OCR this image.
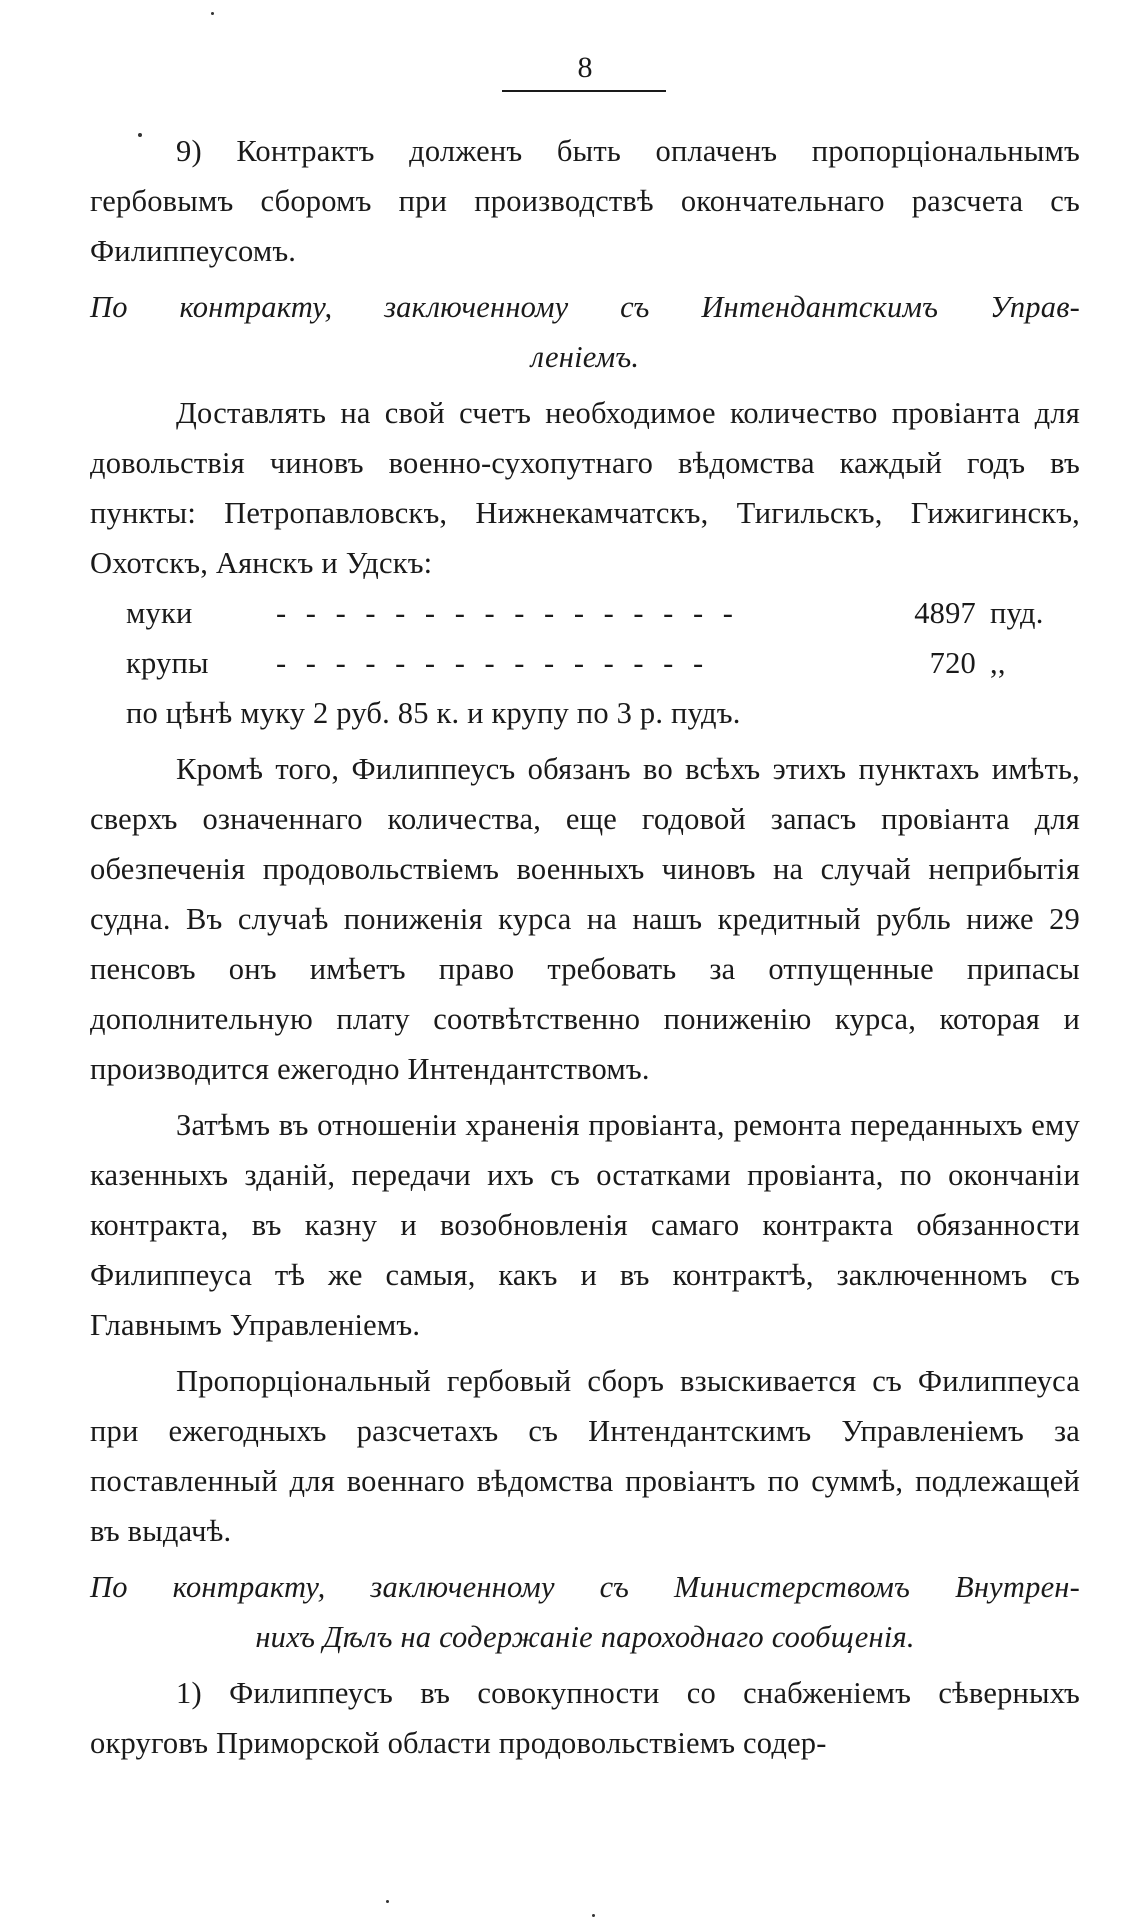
8

9) Контрактъ долженъ быть оплаченъ пропорціональнымъ гербовымъ сборомъ при производствѣ окончательнаго разсчета съ Филиппеусомъ.

По контракту, заключенному съ Интендантскимъ Управ-
леніемъ.

Доставлять на свой счетъ необходимое количество провіанта для довольствія чиновъ военно-сухопутнаго вѣдомства каждый годъ въ пункты: Петропавловскъ, Нижнекамчатскъ, Тигильскъ, Гижигинскъ, Охотскъ, Аянскъ и Удскъ:

муки	- - - - - - - - - - - - - - - -	4897 пуд.
крупы	- - - - - - - - - - - - - - -	720 ,,
по цѣнѣ муку 2 руб. 85 к. и крупу по 3 р. пудъ.

Кромѣ того, Филиппеусъ обязанъ во всѣхъ этихъ пунктахъ имѣть, сверхъ означеннаго количества, еще годовой запасъ провіанта для обезпеченія продовольствіемъ военныхъ чиновъ на случай неприбытія судна. Въ случаѣ пониженія курса на нашъ кредитный рубль ниже 29 пенсовъ онъ имѣетъ право требовать за отпущенные припасы дополнительную плату соотвѣтственно пониженію курса, которая и производится ежегодно Интендантствомъ.

Затѣмъ въ отношеніи храненія провіанта, ремонта переданныхъ ему казенныхъ зданій, передачи ихъ съ остатками провіанта, по окончаніи контракта, въ казну и возобновленія самаго контракта обязанности Филиппеуса тѣ же самыя, какъ и въ контрактѣ, заключенномъ съ Главнымъ Управленіемъ.

Пропорціональный гербовый сборъ взыскивается съ Филиппеуса при ежегодныхъ разсчетахъ съ Интендантскимъ Управленіемъ за поставленный для военнаго вѣдомства провіантъ по суммѣ, подлежащей въ выдачѣ.

По контракту, заключенному съ Министерствомъ Внутрен-
нихъ Дѣлъ на содержаніе пароходнаго сообщенія.

1) Филиппеусъ въ совокупности со снабженіемъ сѣверныхъ округовъ Приморской области продовольствіемъ содер-
